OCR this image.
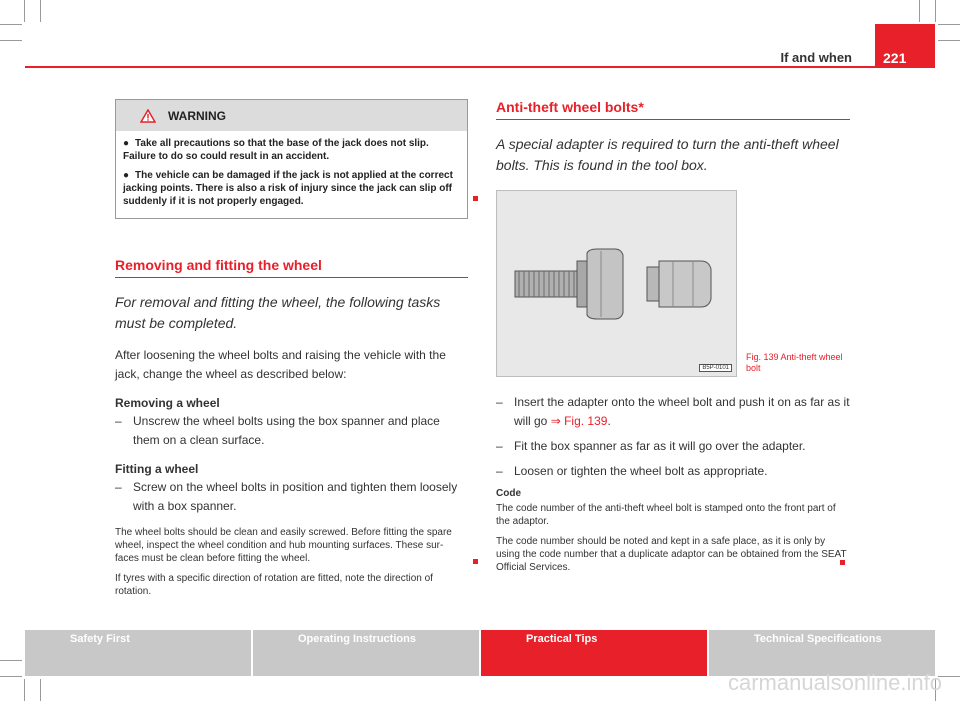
If and when	221
WARNING

● Take all precautions so that the base of the jack does not slip. Failure to do so could result in an accident.

● The vehicle can be damaged if the jack is not applied at the correct jacking points. There is also a risk of injury since the jack can slip off suddenly if it is not properly engaged.

Removing and fitting the wheel

For removal and fitting the wheel, the following tasks must be completed.

After loosening the wheel bolts and raising the vehicle with the jack, change the wheel as described below:

Removing a wheel

– Unscrew the wheel bolts using the box spanner and place them on a clean surface.

Fitting a wheel

– Screw on the wheel bolts in position and tighten them loosely with a box spanner.

The wheel bolts should be clean and easily screwed. Before fitting the spare wheel, inspect the wheel condition and hub mounting surfaces. These sur- faces must be clean before fitting the wheel.

If tyres with a specific direction of rotation are fitted, note the direction of rotation.

Anti-theft wheel bolts*

A special adapter is required to turn the anti-theft wheel bolts. This is found in the tool box.

B5P-0101
Fig. 139 Anti-theft wheel bolt
– Insert the adapter onto the wheel bolt and push it on as far as it will go ⇒ Fig. 139.
– Fit the box spanner as far as it will go over the adapter.
– Loosen or tighten the wheel bolt as appropriate.

Code

The code number of the anti-theft wheel bolt is stamped onto the front part of the adaptor.

The code number should be noted and kept in a safe place, as it is only by using the code number that a duplicate adaptor can be obtained from the SEAT Official Services.

Safety First	Operating Instructions	Practical Tips	Technical Specifications
carmanualsonline.info
